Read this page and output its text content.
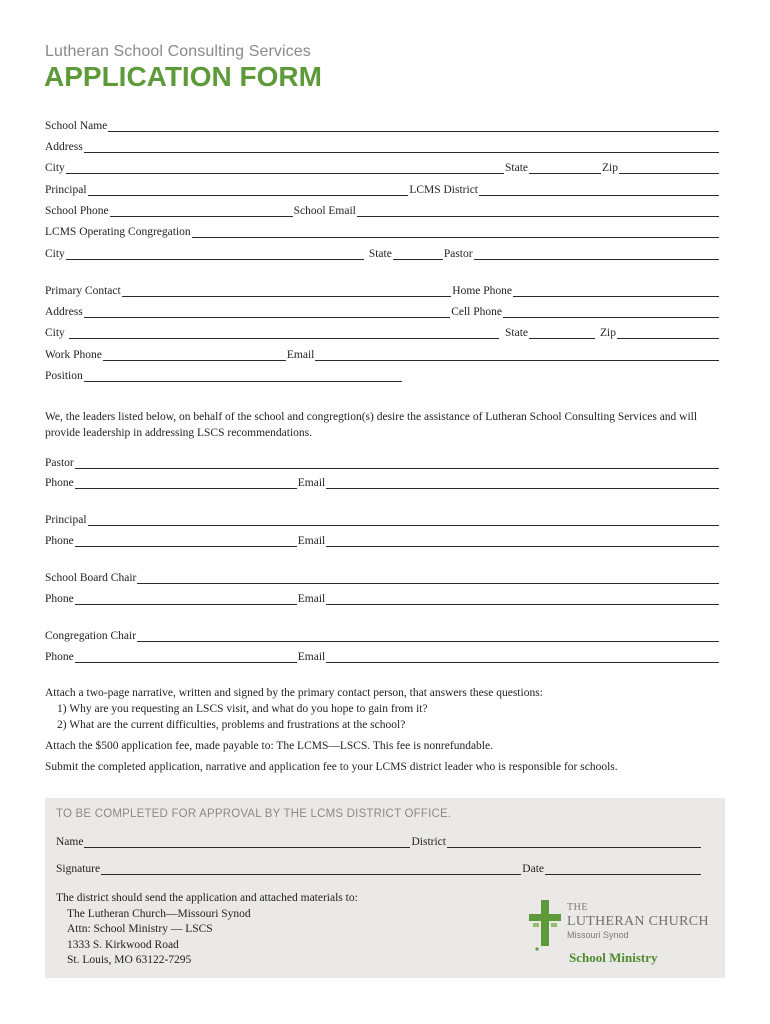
Lutheran School Consulting Services
APPLICATION FORM
School Name
Address
City	State	Zip
Principal	LCMS District
School Phone	School Email
LCMS Operating Congregation
City	State	Pastor
Primary Contact	Home Phone
Address	Cell Phone
City	State	Zip
Work Phone	Email
Position
We, the leaders listed below, on behalf of the school and congregtion(s) desire the assistance of Lutheran School Consulting Services and will provide leadership in addressing LSCS recommendations.
Pastor
Phone	Email
Principal
Phone	Email
School Board Chair
Phone	Email
Congregation Chair
Phone	Email
Attach a two-page narrative, written and signed by the primary contact person, that answers these questions:
1) Why are you requesting an LSCS visit, and what do you hope to gain from it?
2) What are the current difficulties, problems and frustrations at the school?
Attach the $500 application fee, made payable to: The LCMS—LSCS. This fee is nonrefundable.
Submit the completed application, narrative and application fee to your LCMS district leader who is responsible for schools.
TO BE COMPLETED FOR APPROVAL BY THE LCMS DISTRICT OFFICE.
Name	District
Signature	Date
The district should send the application and attached materials to:
The Lutheran Church—Missouri Synod
Attn: School Ministry — LSCS
1333 S. Kirkwood Road
St. Louis, MO 63122-7295
THE
LUTHERAN CHURCH
Missouri Synod
School Ministry
